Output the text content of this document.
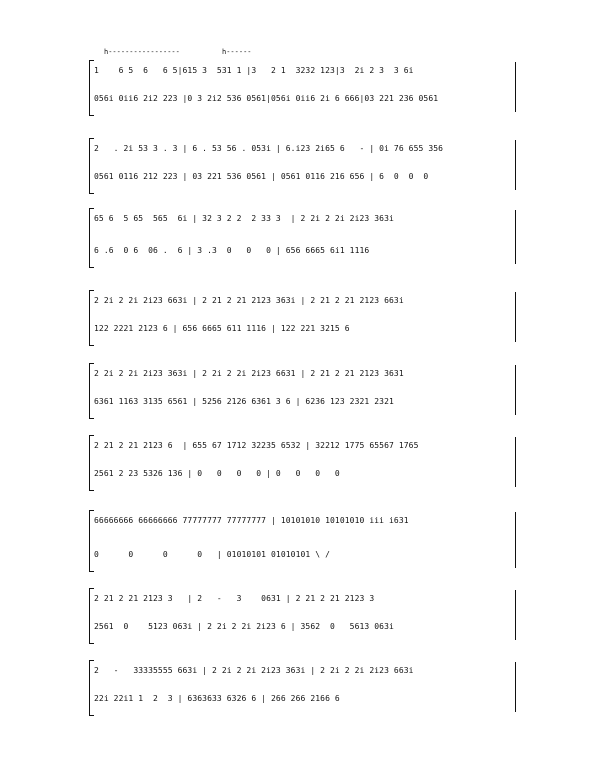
h-----------------          h------
1    6 5  6   6 5|615 3  531 1 |3   2 1  3232 123|3  2i 2 3  3 6i
056i 0ii6 2i2 223 |0 3 2i2 536 0561|056i 0ii6 2i 6 666|03 221 236 0561
2   . 2i 53 3 . 3 | 6 . 53 56 . 053i | 6.i23 2i65 6   - | 0i 76 655 356
0561 0116 212 223 | 03 221 536 0561 | 0561 0116 216 656 | 6  0  0  0
65 6  5 65  565  6i | 32 3 2 2  2 33 3  | 2 2i 2 2i 2i23 363i
6 .6  0 6  06 .  6 | 3 .3  0   0   0 | 656 6665 6i1 1116
2 2i 2 2i 2i23 663i | 2 21 2 21 2123 363i | 2 21 2 21 2123 663i
122 2221 2123 6 | 656 6665 611 1116 | 122 221 3215 6
2 2i 2 2i 2i23 363i | 2 2i 2 2i 2i23 6631 | 2 21 2 21 2123 3631
6361 1163 3135 6561 | 5256 2126 6361 3 6 | 6236 123 2321 2321
2 21 2 21 2123 6  | 655 67 1712 32235 6532 | 32212 1775 65567 1765
2561 2 23 5326 136 | 0   0   0   0 | 0   0   0   0
66666666 66666666 77777777 77777777 | 10101010 10101010 iii i631
0      0      0      0   | 01010101 01010101 \ /
2 21 2 21 2123 3   | 2   -   3    0631 | 2 21 2 21 2123 3
2561  0    5123 063i | 2 2i 2 2i 2i23 6 | 3562  0   5613 063i
2   -   33335555 663i | 2 2i 2 2i 2i23 363i | 2 2i 2 2i 2i23 663i
22i 22i1 1  2  3 | 6363633 6326 6 | 266 266 2166 6
